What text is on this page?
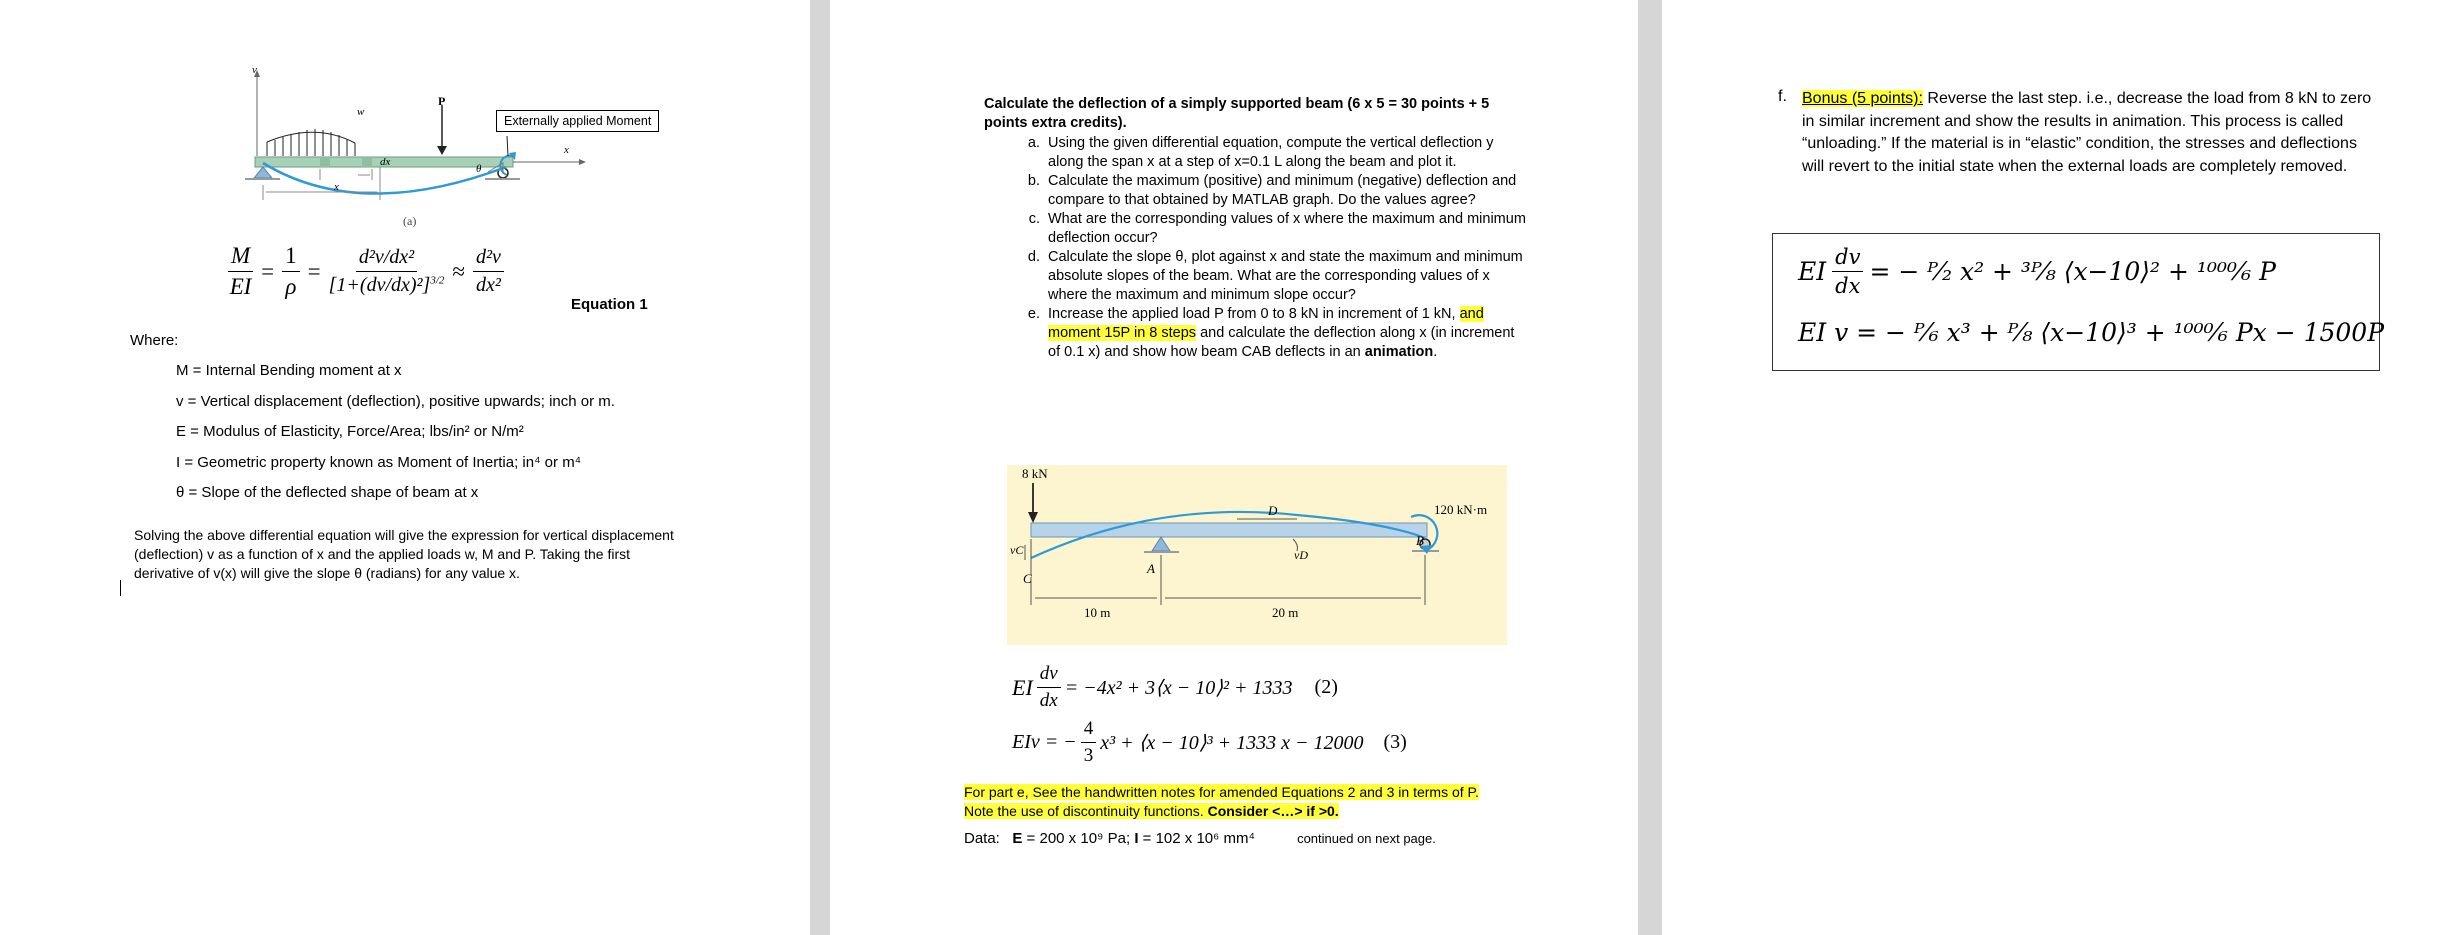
v
w
P
x
dx
x
θ
Externally applied Moment
(a)
$\frac{M}{EI} = \frac{1}{\rho} = \frac{\text{d²v/dx²}}{[1+(dv/dx)^2]^{3/2}} \approx \frac{\text{d²v}}{\text{dx²}}$
Equation 1
Where:

M = Internal Bending moment at x

v = Vertical displacement (deflection), positive upwards; inch or m.

E = Modulus of Elasticity, Force/Area; lbs/in² or N/m²

I = Geometric property known as Moment of Inertia; in⁴ or m⁴

θ = Slope of the deflected shape of beam at x

Solving the above differential equation will give the expression for vertical displacement (deflection) v as a function of x and the applied loads w, M and P. Taking the first derivative of v(x) will give the slope θ (radians) for any value x.
Calculate the deflection of a simply supported beam (6 x 5 = 30 points + 5 points extra credits).
a. Using the given differential equation, compute the vertical deflection y along the span x at a step of x=0.1 L along the beam and plot it.
b. Calculate the maximum (positive) and minimum (negative) deflection and compare to that obtained by MATLAB graph. Do the values agree?
c. What are the corresponding values of x where the maximum and minimum deflection occur?
d. Calculate the slope θ, plot against x and state the maximum and minimum absolute slopes of the beam. What are the corresponding values of x where the maximum and minimum slope occur?
e. Increase the applied load P from 0 to 8 kN in increment of 1 kN, and moment 15P in 8 steps and calculate the deflection along x (in increment of 0.1 x) and show how beam CAB deflects in an animation.
8 kN
120 kN·m
D
B
A
C
vC	vD
10 m	20 m
EI $\frac{dv}{dx} = -4x^2$ + 3⟨x − 10⟩² + 1333 (2)
EIv = − $\frac{4}{3} x^3$ + ⟨x − 10⟩³ + 1333 x − 12000 (3)
For part e, See the handwritten notes for amended Equations 2 and 3 in terms of P. Note the use of discontinuity functions. Consider <…> if >0.
Data: E = 200 x 10⁹ Pa; I = 102 x 10⁶ mm⁴	continued on next page.
f. Bonus (5 points): Reverse the last step. i.e., decrease the load from 8 kN to zero in similar increment and show the results in animation. This process is called “unloading.” If the material is in “elastic” condition, the stresses and deflections will revert to the initial state when the external loads are completely removed.
EI $\frac{dv}{dx}$ = − ᴾ⁄₂ x² + ³ᴾ⁄₈ ⟨x−10⟩² + ¹⁰⁰⁰⁄₆ P
EI v = − ᴾ⁄₆ x³ + ᴾ⁄₈ ⟨x−10⟩³ + ¹⁰⁰⁰⁄₆ Px − 1500P
